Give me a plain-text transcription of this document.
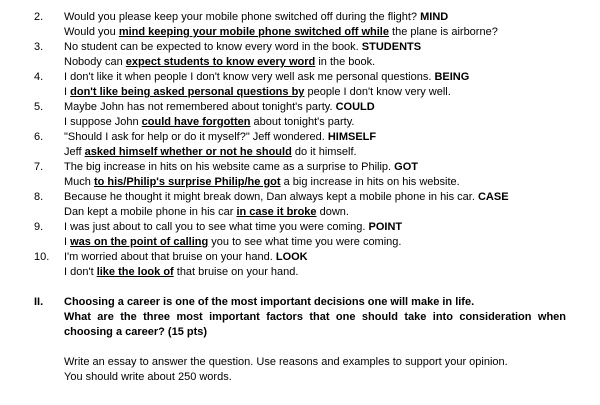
2.	Would you please keep your mobile phone switched off during the flight? MIND
Would you mind keeping your mobile phone switched off while the plane is airborne?
3.	No student can be expected to know every word in the book. STUDENTS
Nobody can expect students to know every word in the book.
4.	I don't like it when people I don't know very well ask me personal questions. BEING
I don't like being asked personal questions by people I don't know very well.
5.	Maybe John has not remembered about tonight's party. COULD
I suppose John could have forgotten about tonight's party.
6.	"Should I ask for help or do it myself?" Jeff wondered. HIMSELF
Jeff asked himself whether or not he should do it himself.
7.	The big increase in hits on his website came as a surprise to Philip. GOT
Much to his/Philip's surprise Philip/he got a big increase in hits on his website.
8.	Because he thought it might break down, Dan always kept a mobile phone in his car. CASE
Dan kept a mobile phone in his car in case it broke down.
9.	I was just about to call you to see what time you were coming. POINT
I was on the point of calling you to see what time you were coming.
10.	I'm worried about that bruise on your hand. LOOK
I don't like the look of that bruise on your hand.
II.	Choosing a career is one of the most important decisions one will make in life.
What are the three most important factors that one should take into consideration when choosing a career? (15 pts)
Write an essay to answer the question. Use reasons and examples to support your opinion.
You should write about 250 words.
